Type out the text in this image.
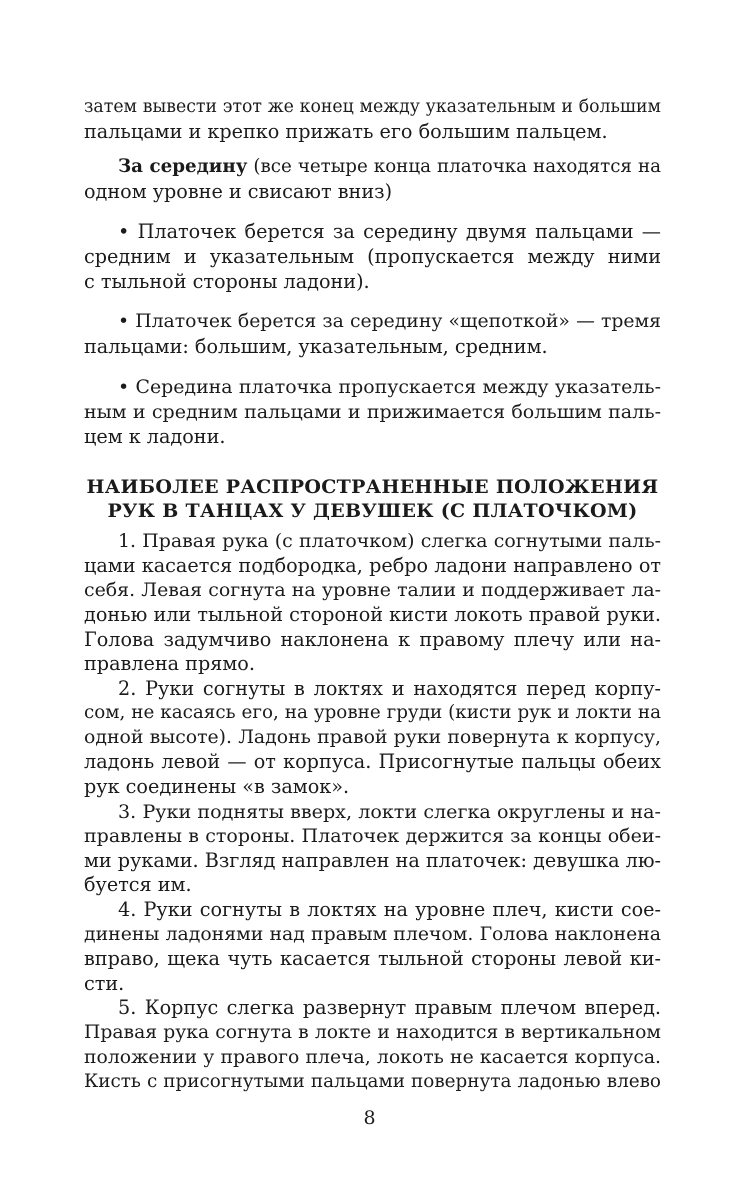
затем вывести этот же конец между указательным и большим
пальцами и крепко прижать его большим пальцем.
За середину (все четыре конца платочка находятся на
одном уровне и свисают вниз)
• Платочек берется за середину двумя пальцами —
средним и указательным (пропускается между ними
с тыльной стороны ладони).
• Платочек берется за середину «щепоткой» — тремя
пальцами: большим, указательным, средним.
• Середина платочка пропускается между указатель-
ным и средним пальцами и прижимается большим паль-
цем к ладони.
НАИБОЛЕЕ РАСПРОСТРАНЕННЫЕ ПОЛОЖЕНИЯ
РУК В ТАНЦАХ У ДЕВУШЕК (С ПЛАТОЧКОМ)
1. Правая рука (с платочком) слегка согнутыми паль-
цами касается подбородка, ребро ладони направлено от
себя. Левая согнута на уровне талии и поддерживает ла-
донью или тыльной стороной кисти локоть правой руки.
Голова задумчиво наклонена к правому плечу или на-
правлена прямо.
2. Руки согнуты в локтях и находятся перед корпу-
сом, не касаясь его, на уровне груди (кисти рук и локти на
одной высоте). Ладонь правой руки повернута к корпусу,
ладонь левой — от корпуса. Присогнутые пальцы обеих
рук соединены «в замок».
3. Руки подняты вверх, локти слегка округлены и на-
правлены в стороны. Платочек держится за концы обеи-
ми руками. Взгляд направлен на платочек: девушка лю-
буется им.
4. Руки согнуты в локтях на уровне плеч, кисти сое-
динены ладонями над правым плечом. Голова наклонена
вправо, щека чуть касается тыльной стороны левой ки-
сти.
5. Корпус слегка развернут правым плечом вперед.
Правая рука согнута в локте и находится в вертикальном
положении у правого плеча, локоть не касается корпуса.
Кисть с присогнутыми пальцами повернута ладонью влево
8
